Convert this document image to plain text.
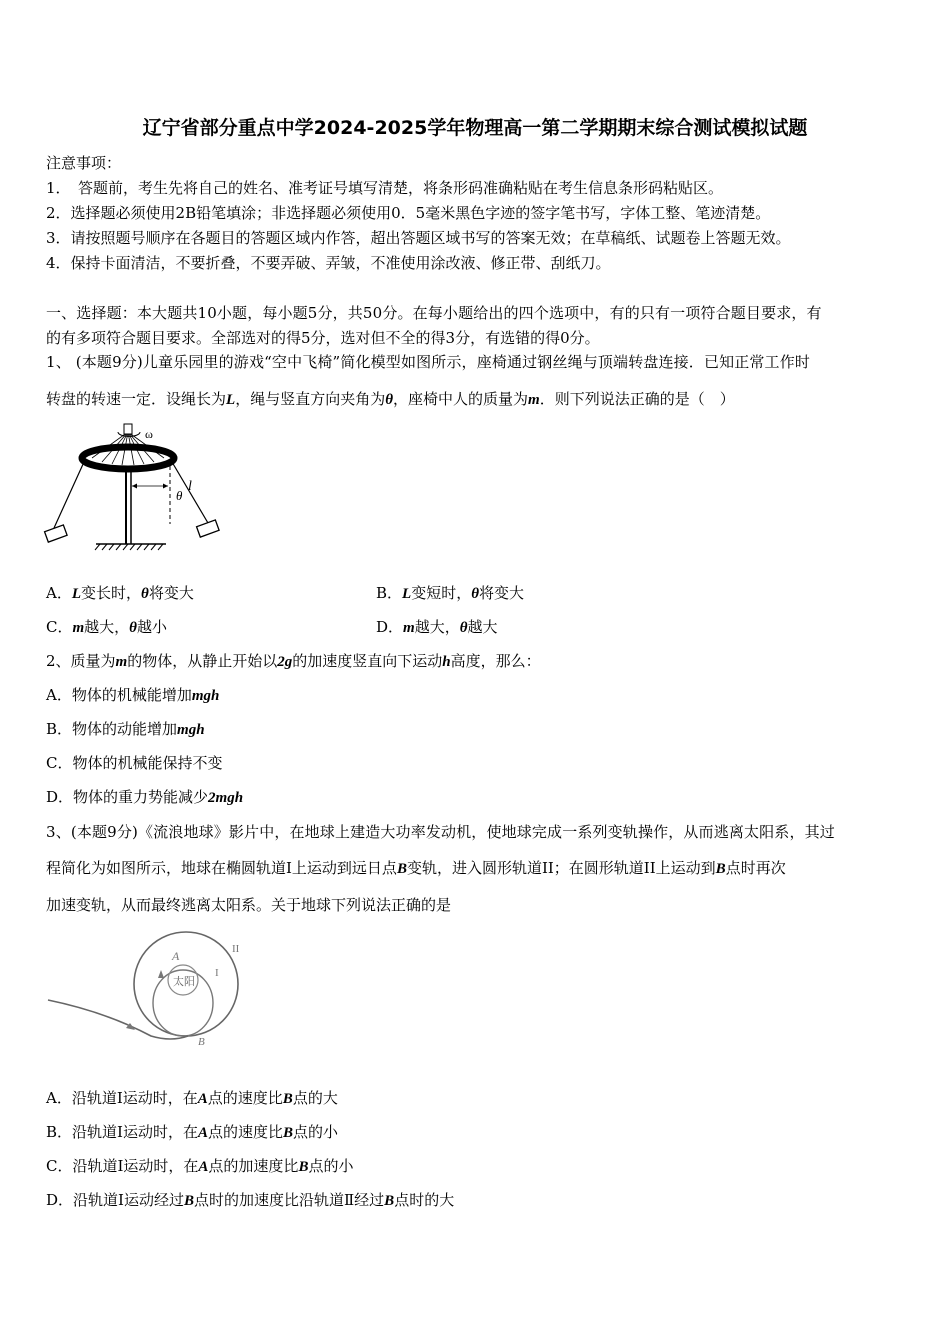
辽宁省部分重点中学2024-2025学年物理高一第二学期期末综合测试模拟试题
注意事项：
1．　答题前，考生先将自己的姓名、准考证号填写清楚，将条形码准确粘贴在考生信息条形码粘贴区。
2．选择题必须使用2B铅笔填涂；非选择题必须使用0．5毫米黑色字迹的签字笔书写，字体工整、笔迹清楚。
3．请按照题号顺序在各题目的答题区域内作答，超出答题区域书写的答案无效；在草稿纸、试题卷上答题无效。
4．保持卡面清洁，不要折叠，不要弄破、弄皱，不准使用涂改液、修正带、刮纸刀。
一、选择题：本大题共10小题，每小题5分，共50分。在每小题给出的四个选项中，有的只有一项符合题目要求，有
的有多项符合题目要求。全部选对的得5分，选对但不全的得3分，有选错的得0分。
1、 (本题9分)儿童乐园里的游戏“空中飞椅”简化模型如图所示，座椅通过钢丝绳与顶端转盘连接．已知正常工作时
转盘的转速一定．设绳长为L，绳与竖直方向夹角为θ，座椅中人的质量为m．则下列说法正确的是（　）
ω
θ
l
A．L变长时，θ将变大	B．L变短时，θ将变大
C．m越大，θ越小	D．m越大，θ越大
2、质量为m的物体，从静止开始以2g的加速度竖直向下运动h高度，那么：
A．物体的机械能增加mgh
B．物体的动能增加mgh
C．物体的机械能保持不变
D．物体的重力势能减少2mgh
3、(本题9分)《流浪地球》影片中，在地球上建造大功率发动机，使地球完成一系列变轨操作，从而逃离太阳系，其过
程简化为如图所示，地球在椭圆轨道Ⅰ上运动到远日点B变轨，进入圆形轨道II；在圆形轨道II上运动到B点时再次
加速变轨，从而最终逃离太阳系。关于地球下列说法正确的是
太阳
A
I
II
B
A．沿轨道Ⅰ运动时，在A点的速度比B点的大
B．沿轨道Ⅰ运动时，在A点的速度比B点的小
C．沿轨道Ⅰ运动时，在A点的加速度比B点的小
D．沿轨道Ⅰ运动经过B点时的加速度比沿轨道Ⅱ经过B点时的大
